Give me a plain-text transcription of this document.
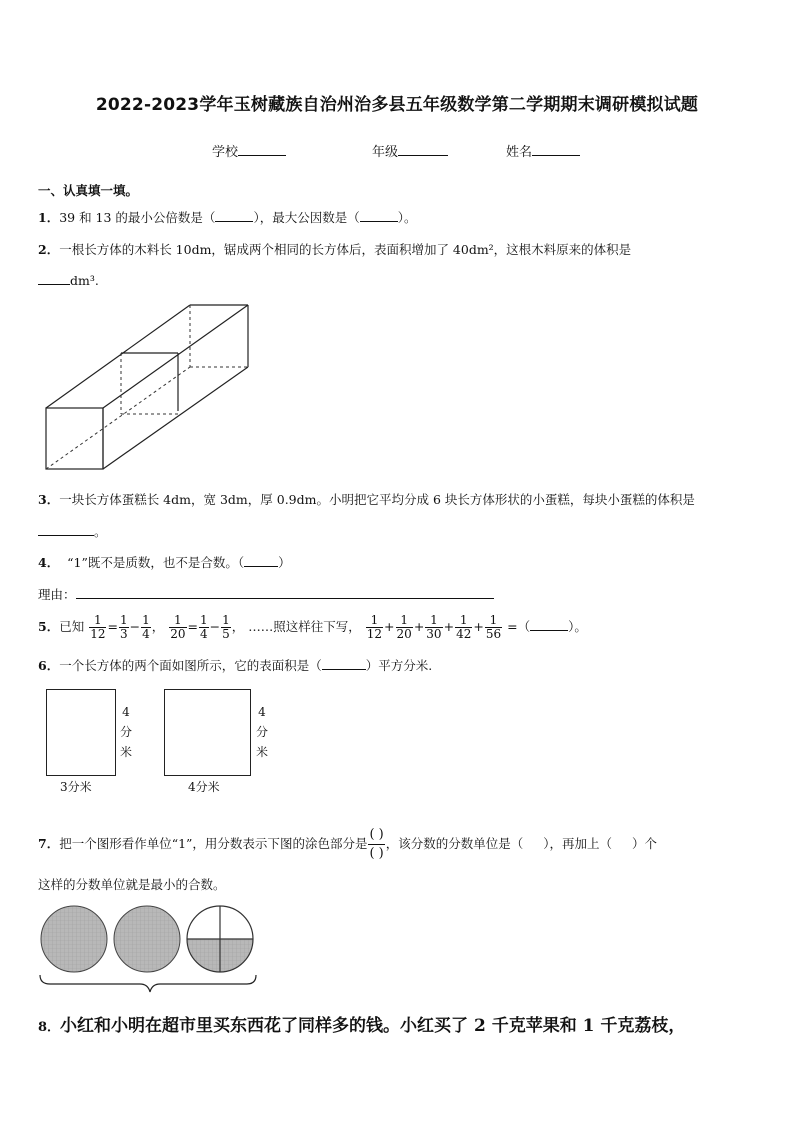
2022-2023学年玉树藏族自治州治多县五年级数学第二学期期末调研模拟试题
学校	年级	姓名
一、认真填一填。
1．39 和 13 的最小公倍数是（	），最大公因数是（	）。
2．一根长方体的木料长 10dm，锯成两个相同的长方体后，表面积增加了 40dm²，这根木料原来的体积是
dm³.
3．一块长方体蛋糕长 4dm，宽 3dm，厚 0.9dm。小明把它平均分成 6 块长方体形状的小蛋糕，每块小蛋糕的体积是
。
4． “1”既不是质数，也不是合数。（	）
理由：
5．已知 $\frac{1}{12} = \frac{1}{3} - \frac{1}{4}$ ， $\frac{1}{20} = \frac{1}{4} - \frac{1}{5}$ ， ……照这样往下写， $\frac{1}{12} + \frac{1}{20} + \frac{1}{30} + \frac{1}{42} + \frac{1}{56}$ =（	）。
6．一个长方体的两个面如图所示，它的表面积是（	）平方分米.
4
分
米
3分米
4
分
米
4分米
7．把一个图形看作单位“1”，用分数表示下图的涂色部分是 $\frac{( )}{( )}$ ，该分数的分数单位是（ ），再加上（ ）个
这样的分数单位就是最小的合数。
8．小红和小明在超市里买东西花了同样多的钱。小红买了 2 千克苹果和 1 千克荔枝，
